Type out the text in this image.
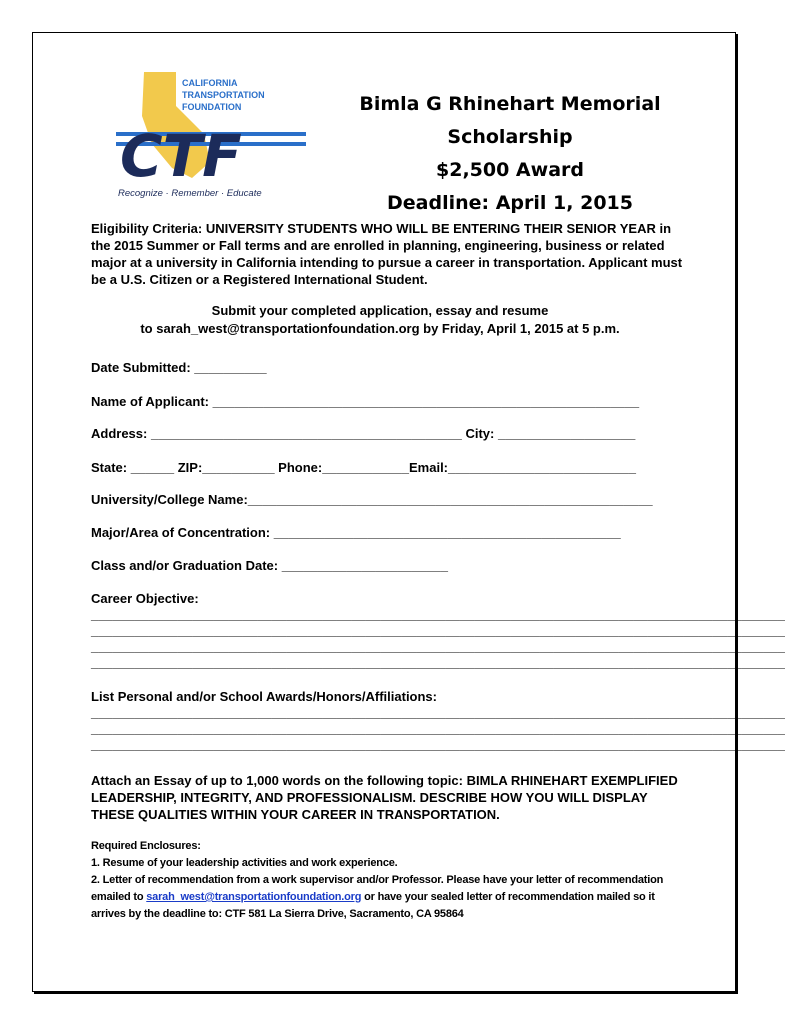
CALIFORNIA
TRANSPORTATION
FOUNDATION
CTF
Recognize · Remember · Educate
Bimla G Rhinehart Memorial Scholarship
$2,500 Award
Deadline: April 1, 2015
Eligibility Criteria: UNIVERSITY STUDENTS WHO WILL BE ENTERING THEIR SENIOR YEAR in the 2015 Summer or Fall terms and are enrolled in planning, engineering, business or related major at a university in California intending to pursue a career in transportation. Applicant must be a U.S. Citizen or a Registered International Student.
Submit your completed application, essay and resume
to sarah_west@transportationfoundation.org by Friday, April 1, 2015 at 5 p.m.
Date Submitted: __________
Name of Applicant: ___________________________________________________________
Address: ___________________________________________ City: ___________________
State: ______ ZIP:__________ Phone:____________Email:__________________________
University/College Name:________________________________________________________
Major/Area of Concentration: ________________________________________________
Class and/or Graduation Date: _______________________
Career Objective:
________________________________________________________________________________________________
________________________________________________________________________________________________
________________________________________________________________________________________________
________________________________________________________________________________________________
List Personal and/or School Awards/Honors/Affiliations:
________________________________________________________________________________________________
________________________________________________________________________________________________
________________________________________________________________________________________________
Attach an Essay of up to 1,000 words on the following topic: BIMLA RHINEHART EXEMPLIFIED LEADERSHIP, INTEGRITY, AND PROFESSIONALISM. DESCRIBE HOW YOU WILL DISPLAY THESE QUALITIES WITHIN YOUR CAREER IN TRANSPORTATION.
Required Enclosures:
1. Resume of your leadership activities and work experience.
2. Letter of recommendation from a work supervisor and/or Professor. Please have your letter of recommendation emailed to sarah_west@transportationfoundation.org or have your sealed letter of recommendation mailed so it arrives by the deadline to: CTF 581 La Sierra Drive, Sacramento, CA 95864
